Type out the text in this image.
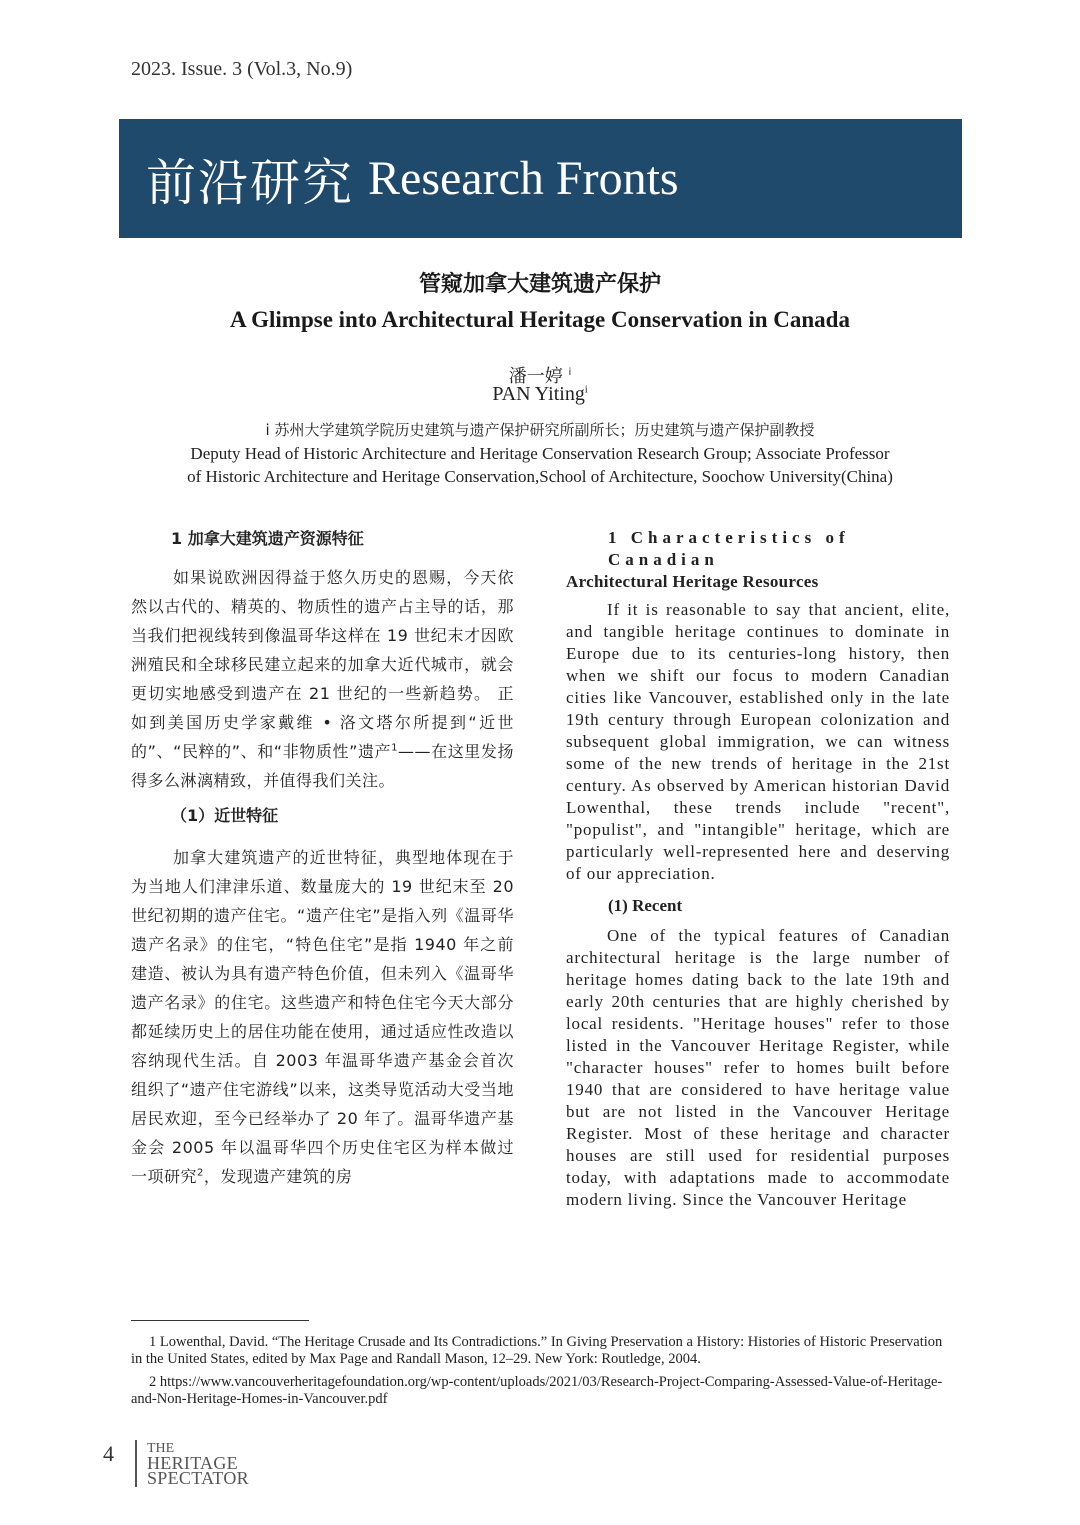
2023. Issue. 3 (Vol.3, No.9)
前沿研究 Research Fronts
管窥加拿大建筑遗产保护
A Glimpse into Architectural Heritage Conservation in Canada
潘一婷 $^i$
PAN Yiting$^i$
i 苏州大学建筑学院历史建筑与遗产保护研究所副所长；历史建筑与遗产保护副教授
Deputy Head of Historic Architecture and Heritage Conservation Research Group; Associate Professor
of Historic Architecture and Heritage Conservation,School of Architecture, Soochow University(China)
1 加拿大建筑遗产资源特征

如果说欧洲因得益于悠久历史的恩赐，今天依然以古代的、精英的、物质性的遗产占主导的话，那当我们把视线转到像温哥华这样在 19 世纪末才因欧洲殖民和全球移民建立起来的加拿大近代城市，就会更切实地感受到遗产在 21 世纪的一些新趋势。 正如到美国历史学家戴维 • 洛文塔尔所提到“近世的”、“民粹的”、和“非物质性”遗产$^1$——在这里发扬得多么淋漓精致，并值得我们关注。

（1）近世特征

加拿大建筑遗产的近世特征，典型地体现在于为当地人们津津乐道、数量庞大的 19 世纪末至 20 世纪初期的遗产住宅。“遗产住宅”是指入列《温哥华遗产名录》的住宅，“特色住宅”是指 1940 年之前建造、被认为具有遗产特色价值，但未列入《温哥华遗产名录》的住宅。这些遗产和特色住宅今天大部分都延续历史上的居住功能在使用，通过适应性改造以容纳现代生活。自 2003 年温哥华遗产基金会首次组织了“遗产住宅游线”以来，这类导览活动大受当地居民欢迎，至今已经举办了 20 年了。温哥华遗产基金会 2005 年以温哥华四个历史住宅区为样本做过一项研究$^2$，发现遗产建筑的房

1 Characteristics of Canadian
Architectural Heritage Resources

If it is reasonable to say that ancient, elite, and tangible heritage continues to dominate in Europe due to its centuries-long history, then when we shift our focus to modern Canadian cities like Vancouver, established only in the late 19th century through European colonization and subsequent global immigration, we can witness some of the new trends of heritage in the 21st century. As observed by American historian David Lowenthal, these trends include "recent", "populist", and "intangible" heritage, which are particularly well-represented here and deserving of our appreciation.

(1) Recent

One of the typical features of Canadian architectural heritage is the large number of heritage homes dating back to the late 19th and early 20th centuries that are highly cherished by local residents. "Heritage houses" refer to those listed in the Vancouver Heritage Register, while "character houses" refer to homes built before 1940 that are considered to have heritage value but are not listed in the Vancouver Heritage Register. Most of these heritage and character houses are still used for residential purposes today, with adaptations made to accommodate modern living. Since the Vancouver Heritage

1 Lowenthal, David. “The Heritage Crusade and Its Contradictions.” In Giving Preservation a History: Histories of Historic Preservation in the United States, edited by Max Page and Randall Mason, 12–29. New York: Routledge, 2004.
2 https://www.vancouverheritagefoundation.org/wp-content/uploads/2021/03/Research-Project-Comparing-Assessed-Value-of-Heritage-and-Non-Heritage-Homes-in-Vancouver.pdf
4 THE
HERITAGE
SPECTATOR
